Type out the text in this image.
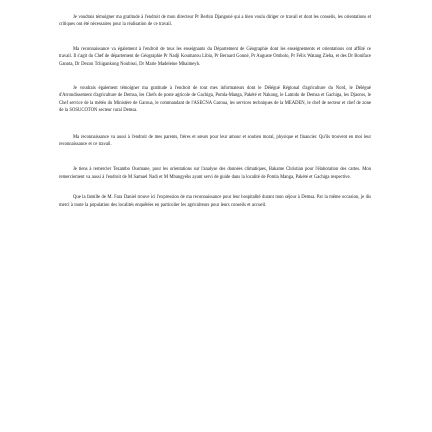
Je voudrais témoigner ma gratitude à l'endroit de mon directeur Pr Berhin Djangoné qui a bien voulu diriger ce travail et dont les conseils, les orientations et critiques ont été nécessaires pour la réalisation de ce travail.

Ma reconnaissance va également à l'endroit de tous les enseignants du Département de Géographie dont les enseignements et orientations ont affûté ce travail. Il s'agit du Chef de département de Géographie Pr Nadji Koumarou Libia, Pr Bernard Gonné, Pr Auguste Ombolo, Pr Félix Watang Zieba, et des Dr Boniface Ganota, Dr Dezon Tchigankong Noubissi, Dr Marie Madeleine Mbaimeyh.

Je voudrais également témoigner ma gratitude à l'endroit de tout mes informateurs dont le Délégué Régional d'agriculture du Nord, le Délégué d'Arrondissement d'agriculture de Demsa, les Chefs de poste agricole de Gachiga, Pomla-Manga, Pakété et Nakong, le Lamido de Demsa et Gachiga, les Djaoros, le Chef service de la météo du Ministère de Garoua, le commandant de l'ASECNA Garoua, les services techniques de la MEADEN, le chef de secteur et chef de zone de la SOSUCOTON secteur rural Demsa.

Ma reconnaissance va aussi à l'endroit de mes parents, frères et sœurs pour leur amour et soutien moral, physique et financier. Qu'ils trouvent en moi leur reconnaissance et ce travail.

Je tiens à remercier Tezambo Ousmane, pour les orientations sur l'analyse des données climatiques, Bakame Christian pour l'élaboration des cartes. Mon remerciement va aussi à l'endroit de M Samuel Nadi et M Mbangyéhs ayant servi de guide dans la localité de Pomla Manga, Pakété et Gachiga respective.

Que la famille de M. Fara Daniel trouve ici l'expression de ma reconnaissance pour leur hospitalité durant mon séjour à Demsa. Par la même occasion, je dis merci à toute la population des localités enquêtées en particulier les agriculteurs pour leurs conseils et accueil.
